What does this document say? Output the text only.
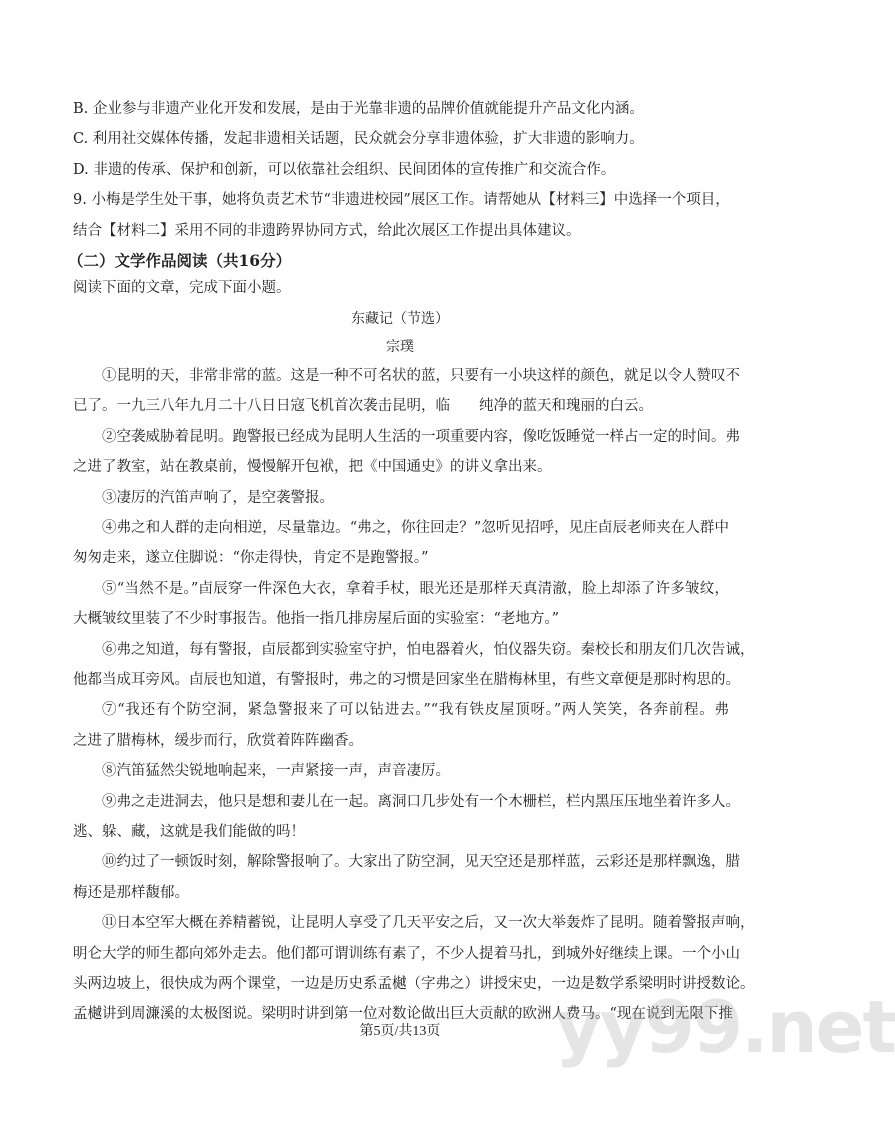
B. 企业参与非遗产业化开发和发展，是由于光靠非遗的品牌价值就能提升产品文化内涵。
C. 利用社交媒体传播，发起非遗相关话题，民众就会分享非遗体验，扩大非遗的影响力。
D. 非遗的传承、保护和创新，可以依靠社会组织、民间团体的宣传推广和交流合作。
9. 小梅是学生处干事，她将负责艺术节“非遗进校园”展区工作。请帮她从【材料三】中选择一个项目，
结合【材料二】采用不同的非遗跨界协同方式，给此次展区工作提出具体建议。
（二）文学作品阅读（共16分）
阅读下面的文章，完成下面小题。
东藏记（节选）
宗璞
①昆明的天，非常非常的蓝。这是一种不可名状的蓝，只要有一小块这样的颜色，就足以令人赞叹不
已了。一九三八年九月二十八日日寇飞机首次袭击昆明，临　　纯净的蓝天和瑰丽的白云。
②空袭威胁着昆明。跑警报已经成为昆明人生活的一项重要内容，像吃饭睡觉一样占一定的时间。弗
之进了教室，站在教桌前，慢慢解开包袱，把《中国通史》的讲义拿出来。
③凄厉的汽笛声响了，是空袭警报。
④弗之和人群的走向相逆，尽量靠边。“弗之，你往回走？”忽听见招呼，见庄卣辰老师夹在人群中
匆匆走来，遂立住脚说：“你走得快，肯定不是跑警报。”
⑤“当然不是。”卣辰穿一件深色大衣，拿着手杖，眼光还是那样天真清澈，脸上却添了许多皱纹，
大概皱纹里装了不少时事报告。他指一指几排房屋后面的实验室：“老地方。”
⑥弗之知道，每有警报，卣辰都到实验室守护，怕电器着火，怕仪器失窃。秦校长和朋友们几次告诫，
他都当成耳旁风。卣辰也知道，有警报时，弗之的习惯是回家坐在腊梅林里，有些文章便是那时构思的。
⑦“我还有个防空洞，紧急警报来了可以钻进去。”“我有铁皮屋顶呀。”两人笑笑，各奔前程。弗
之进了腊梅林，缓步而行，欣赏着阵阵幽香。
⑧汽笛猛然尖锐地响起来，一声紧接一声，声音凄厉。
⑨弗之走进洞去，他只是想和妻儿在一起。离洞口几步处有一个木栅栏，栏内黑压压地坐着许多人。
逃、躲、藏，这就是我们能做的吗！
⑩约过了一顿饭时刻，解除警报响了。大家出了防空洞，见天空还是那样蓝，云彩还是那样飘逸，腊
梅还是那样馥郁。
⑪日本空军大概在养精蓄锐，让昆明人享受了几天平安之后，又一次大举轰炸了昆明。随着警报声响，
明仑大学的师生都向郊外走去。他们都可谓训练有素了，不少人提着马扎，到城外好继续上课。一个小山
头两边坡上，很快成为两个课堂，一边是历史系孟樾（字弗之）讲授宋史，一边是数学系梁明时讲授数论。
孟樾讲到周濂溪的太极图说。梁明时讲到第一位对数论做出巨大贡献的欧洲人费马。“现在说到无限下推
yy99.net
第5页/共13页
